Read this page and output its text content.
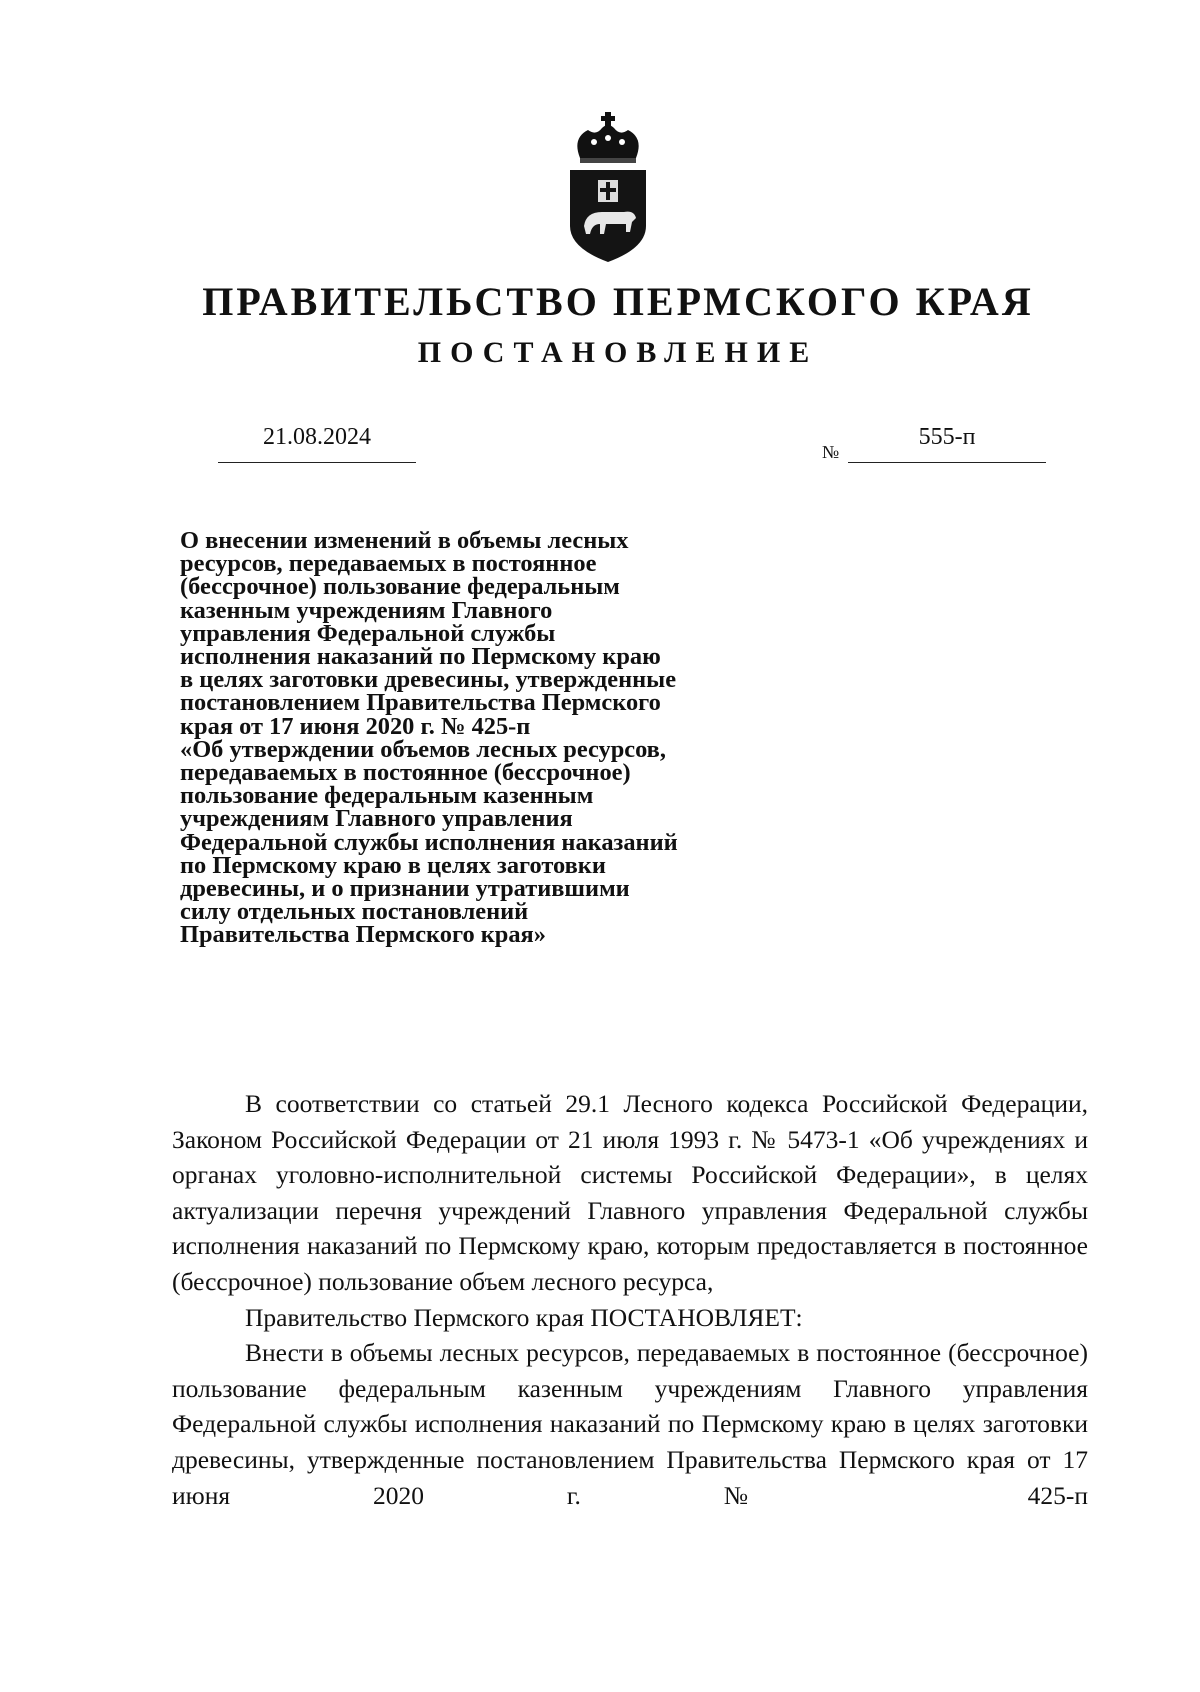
ПРАВИТЕЛЬСТВО ПЕРМСКОГО КРАЯ
ПОСТАНОВЛЕНИЕ
21.08.2024
№
555-п
О внесении изменений в объемы лесных
ресурсов, передаваемых в постоянное
(бессрочное) пользование федеральным
казенным учреждениям Главного
управления Федеральной службы
исполнения наказаний по Пермскому краю
в целях заготовки древесины, утвержденные
постановлением Правительства Пермского
края от 17 июня 2020 г. № 425-п
«Об утверждении объемов лесных ресурсов,
передаваемых в постоянное (бессрочное)
пользование федеральным казенным
учреждениям Главного управления
Федеральной службы исполнения наказаний
по Пермскому краю в целях заготовки
древесины, и о признании утратившими
силу отдельных постановлений
Правительства Пермского края»

В соответствии со статьей 29.1 Лесного кодекса Российской Федерации, Законом Российской Федерации от 21 июля 1993 г. № 5473-1 «Об учреждениях и органах уголовно-исполнительной системы Российской Федерации», в целях актуализации перечня учреждений Главного управления Федеральной службы исполнения наказаний по Пермскому краю, которым предоставляется в постоянное (бессрочное) пользование объем лесного ресурса,

Правительство Пермского края ПОСТАНОВЛЯЕТ:

Внести в объемы лесных ресурсов, передаваемых в постоянное (бессрочное) пользование федеральным казенным учреждениям Главного управления Федеральной службы исполнения наказаний по Пермскому краю в целях заготовки древесины, утвержденные постановлением Правительства Пермского края от 17 июня 2020 г. № 425-п
